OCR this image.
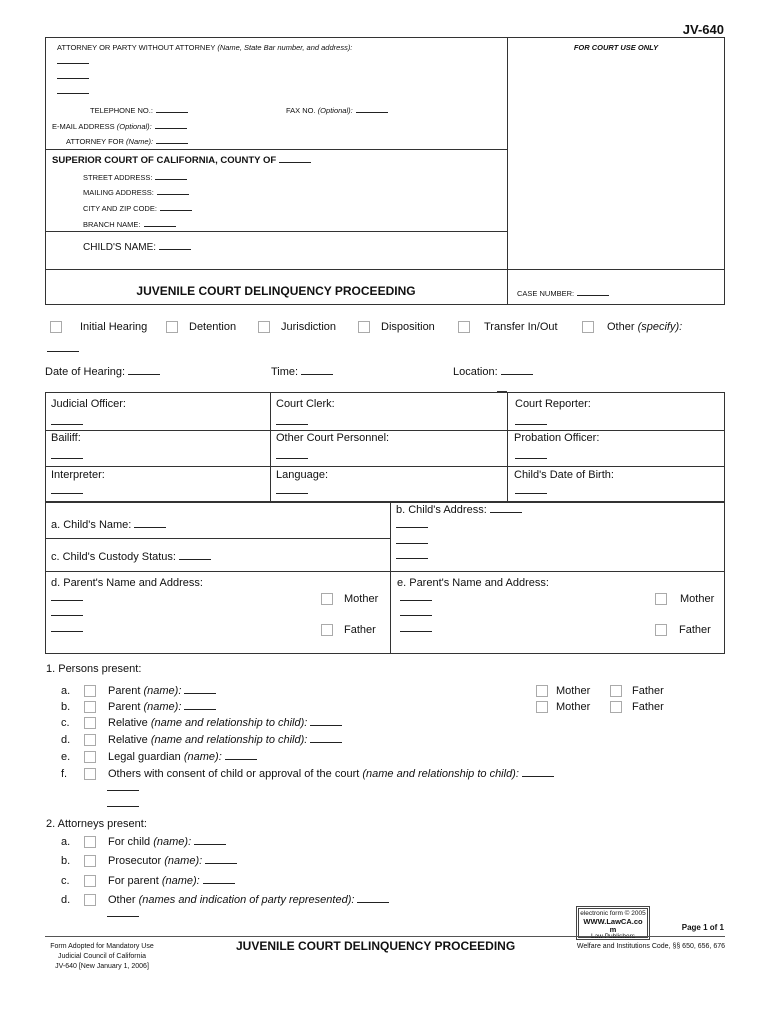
JV-640
ATTORNEY OR PARTY WITHOUT ATTORNEY (Name, State Bar number, and address):	FOR COURT USE ONLY
TELEPHONE NO.:	FAX NO. (Optional):
E-MAIL ADDRESS (Optional):
ATTORNEY FOR (Name):
SUPERIOR COURT OF CALIFORNIA, COUNTY OF
STREET ADDRESS:
MAILING ADDRESS:
CITY AND ZIP CODE:
BRANCH NAME:
CHILD'S NAME:
JUVENILE COURT DELINQUENCY PROCEEDING	CASE NUMBER:
Initial Hearing	Detention	Jurisdiction	Disposition	Transfer In/Out	Other (specify):
Date of Hearing:	Time:	Location:
Judicial Officer:	Court Clerk:	Court Reporter:
Bailiff:	Other Court Personnel:	Probation Officer:
Interpreter:	Language:	Child's Date of Birth:
a. Child's Name:
b. Child's Address:
c. Child's Custody Status:
d. Parent's Name and Address:
Mother
Father
e. Parent's Name and Address:
Mother
Father
1. Persons present:
a.	Parent (name):	Mother	Father
b.	Parent (name):	Mother	Father
c.	Relative (name and relationship to child):
d.	Relative (name and relationship to child):
e.	Legal guardian (name):
f.	Others with consent of child or approval of the court (name and relationship to child):
2. Attorneys present:
a.	For child (name):
b.	Prosecutor (name):
c.	For parent (name):
d.	Other (names and indication of party represented):
electronic form © 2005
WWW.LawCA.co
m
Law Publishers
Page 1 of 1
Form Adopted for Mandatory Use
Judicial Council of California
JV-640 [New January 1, 2006]
JUVENILE COURT DELINQUENCY PROCEEDING	Welfare and Institutions Code, §§ 650, 656, 676
